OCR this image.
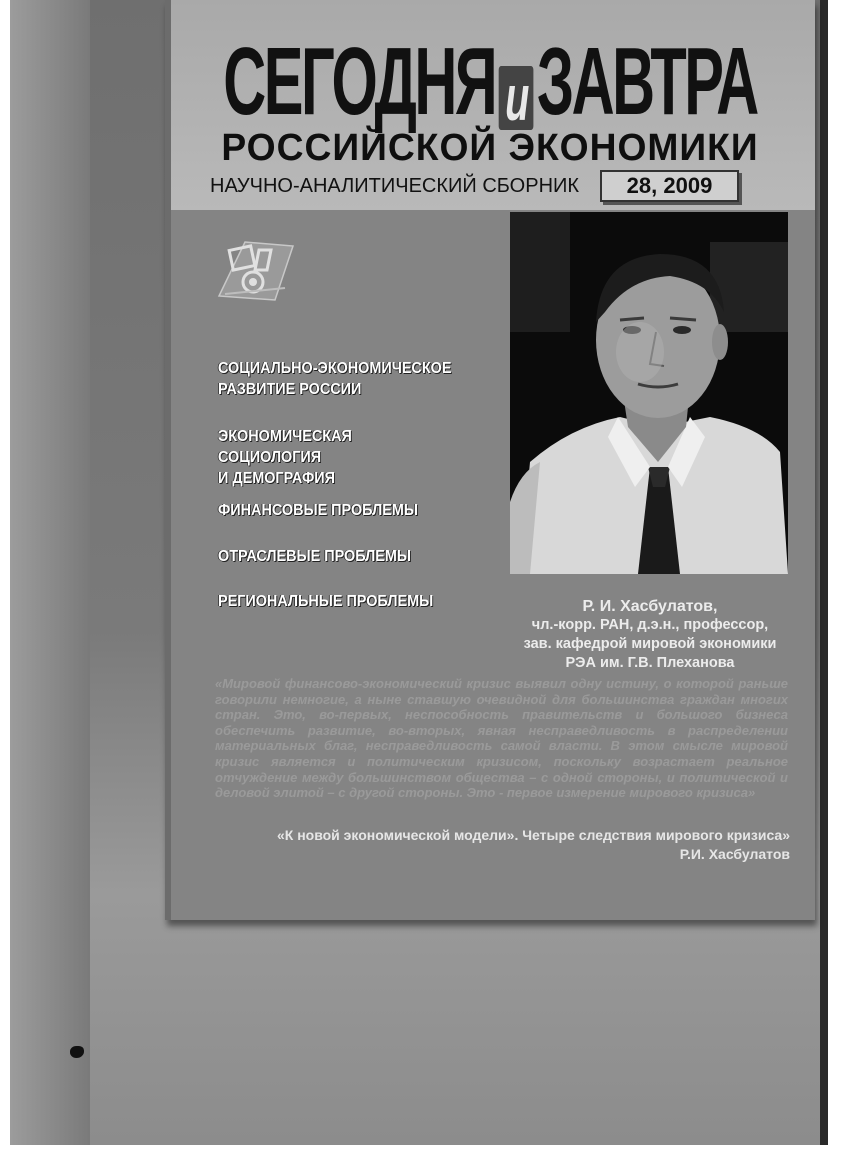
СЕГОДНЯ и ЗАВТРА
РОССИЙСКОЙ ЭКОНОМИКИ
НАУЧНО-АНАЛИТИЧЕСКИЙ СБОРНИК	28, 2009
СОЦИАЛЬНО-ЭКОНОМИЧЕСКОЕ
РАЗВИТИЕ РОССИИ
ЭКОНОМИЧЕСКАЯ СОЦИОЛОГИЯ
И ДЕМОГРАФИЯ
ФИНАНСОВЫЕ ПРОБЛЕМЫ
ОТРАСЛЕВЫЕ ПРОБЛЕМЫ
РЕГИОНАЛЬНЫЕ ПРОБЛЕМЫ	Р. И. Хасбулатов,
чл.-корр. РАН, д.э.н., профессор,
зав. кафедрой мировой экономики
РЭА им. Г.В. Плеханова
«Мировой финансово-экономический кризис выявил одну истину, о которой раньше говорили немногие, а ныне ставшую очевидной для большинства граждан многих стран. Это, во-первых, неспособность правительств и большого бизнеса обеспечить развитие, во-вторых, явная несправедливость в распределении материальных благ, несправедливость самой власти. В этом смысле мировой кризис является и политическим кризисом, поскольку возрастает реальное отчуждение между большинством общества – с одной стороны, и политической и деловой элитой – с другой стороны. Это - первое измерение мирового кризиса»
«К новой экономической модели». Четыре следствия мирового кризиса»
Р.И. Хасбулатов
